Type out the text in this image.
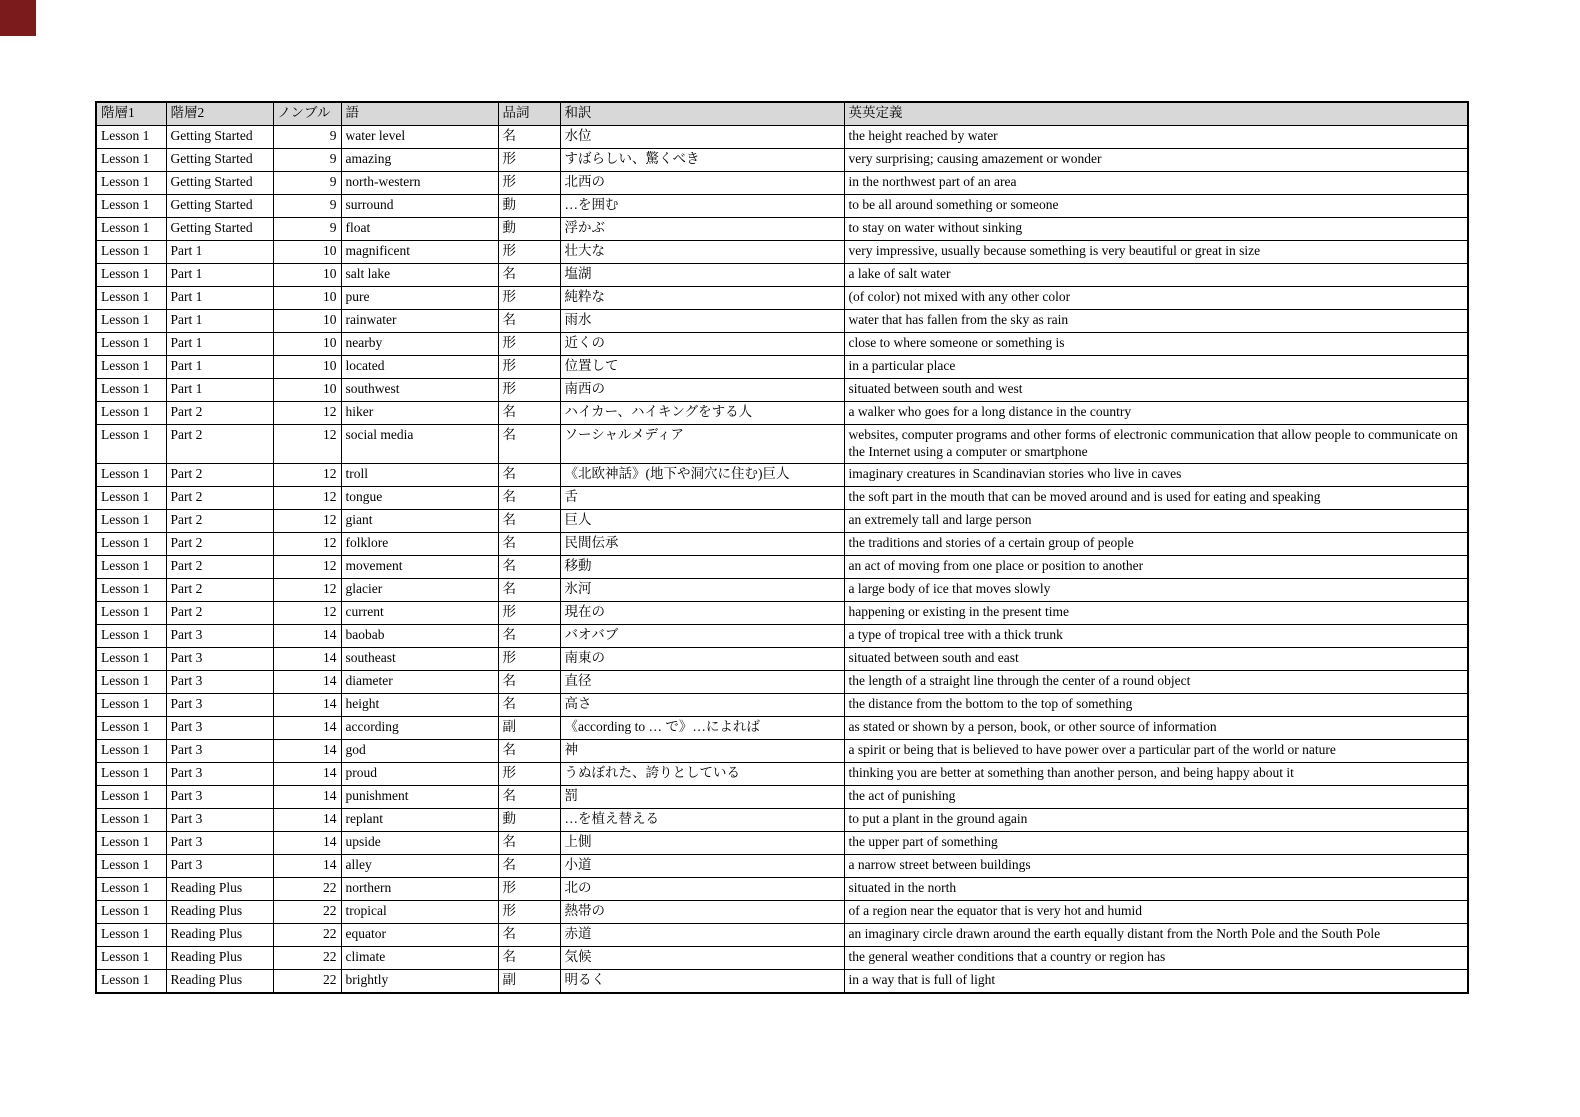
階層1	階層2	ノンブル	語	品詞	和訳	英英定義
Lesson 1	Getting Started	9	water level	名	水位	the height reached by water
Lesson 1	Getting Started	9	amazing	形	すばらしい、驚くべき	very surprising; causing amazement or wonder
Lesson 1	Getting Started	9	north-western	形	北西の	in the northwest part of an area
Lesson 1	Getting Started	9	surround	動	…を囲む	to be all around something or someone
Lesson 1	Getting Started	9	float	動	浮かぶ	to stay on water without sinking
Lesson 1	Part 1	10	magnificent	形	壮大な	very impressive, usually because something is very beautiful or great in size
Lesson 1	Part 1	10	salt lake	名	塩湖	a lake of salt water
Lesson 1	Part 1	10	pure	形	純粋な	(of color) not mixed with any other color
Lesson 1	Part 1	10	rainwater	名	雨水	water that has fallen from the sky as rain
Lesson 1	Part 1	10	nearby	形	近くの	close to where someone or something is
Lesson 1	Part 1	10	located	形	位置して	in a particular place
Lesson 1	Part 1	10	southwest	形	南西の	situated between south and west
Lesson 1	Part 2	12	hiker	名	ハイカー、ハイキングをする人	a walker who goes for a long distance in the country
Lesson 1	Part 2	12	social media	名	ソーシャルメディア	websites, computer programs and other forms of electronic communication that allow people to communicate on the Internet using a computer or smartphone
Lesson 1	Part 2	12	troll	名	《北欧神話》(地下や洞穴に住む)巨人	imaginary creatures in Scandinavian stories who live in caves
Lesson 1	Part 2	12	tongue	名	舌	the soft part in the mouth that can be moved around and is used for eating and speaking
Lesson 1	Part 2	12	giant	名	巨人	an extremely tall and large person
Lesson 1	Part 2	12	folklore	名	民間伝承	the traditions and stories of a certain group of people
Lesson 1	Part 2	12	movement	名	移動	an act of moving from one place or position to another
Lesson 1	Part 2	12	glacier	名	氷河	a large body of ice that moves slowly
Lesson 1	Part 2	12	current	形	現在の	happening or existing in the present time
Lesson 1	Part 3	14	baobab	名	バオバブ	a type of tropical tree with a thick trunk
Lesson 1	Part 3	14	southeast	形	南東の	situated between south and east
Lesson 1	Part 3	14	diameter	名	直径	the length of a straight line through the center of a round object
Lesson 1	Part 3	14	height	名	高さ	the distance from the bottom to the top of something
Lesson 1	Part 3	14	according	副	《according to … で》…によれば	as stated or shown by a person, book, or other source of information
Lesson 1	Part 3	14	god	名	神	a spirit or being that is believed to have power over a particular part of the world or nature
Lesson 1	Part 3	14	proud	形	うぬぼれた、誇りとしている	thinking you are better at something than another person, and being happy about it
Lesson 1	Part 3	14	punishment	名	罰	the act of punishing
Lesson 1	Part 3	14	replant	動	…を植え替える	to put a plant in the ground again
Lesson 1	Part 3	14	upside	名	上側	the upper part of something
Lesson 1	Part 3	14	alley	名	小道	a narrow street between buildings
Lesson 1	Reading Plus	22	northern	形	北の	situated in the north
Lesson 1	Reading Plus	22	tropical	形	熱帯の	of a region near the equator that is very hot and humid
Lesson 1	Reading Plus	22	equator	名	赤道	an imaginary circle drawn around the earth equally distant from the North Pole and the South Pole
Lesson 1	Reading Plus	22	climate	名	気候	the general weather conditions that a country or region has
Lesson 1	Reading Plus	22	brightly	副	明るく	in a way that is full of light
